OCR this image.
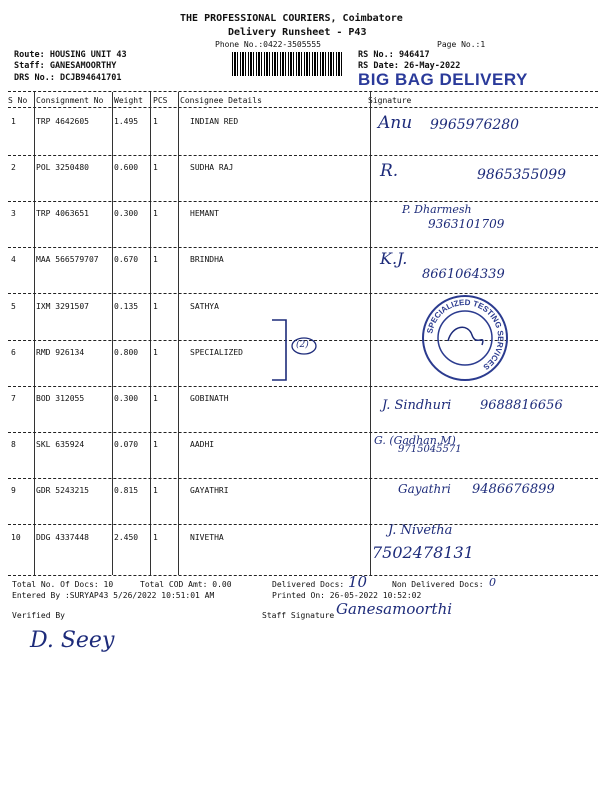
THE PROFESSIONAL COURIERS, Coimbatore
Delivery Runsheet - P43
Phone No.:0422-3505555	Page No.:1
Route: HOUSING UNIT 43
Staff: GANESAMOORTHY
DRS No.: DCJB94641701
RS No.: 946417
RS Date: 26-May-2022
BIG BAG DELIVERY
S No Consignment No Weight PCS Consignee Details	Signature
1	TRP 4642605	1.495 1	INDIAN RED	Anu 9965976280
2	POL 3250480	0.600 1	SUDHA RAJ	R.	9865355099
3	TRP 4063651	0.300 1	HEMANT	P. Dharmesh
9363101709
4	MAA 566579707 0.670 1	BRINDHA	K.J.
8661064339
5	IXM 3291507	0.135 1	SATHYA
6	RMD 926134	0.800 1	SPECIALIZED
7	BOD 312055	0.300 1	GOBINATH	J. Sindhuri 9688816656
8	SKL 635924	0.070 1	AADHI	G. (Gadhan.M)
9715045571
9	GDR 5243215	0.815 1	GAYATHRI	Gayathri 9486676899
10 DDG 4337448	2.450 1	NIVETHA	J. Nivetha
7502478131
SPECIALIZED TESTING SERVICES
(2)
Total No. Of Docs: 10	Total COD Amt: 0.00	Delivered Docs: 10	Non Delivered Docs: 0
Entered By :SURYAP43 5/26/2022 10:51:01 AM	Printed On: 26-05-2022 10:52:02
Verified By	Staff Signature Ganesamoorthi
D. Seey
